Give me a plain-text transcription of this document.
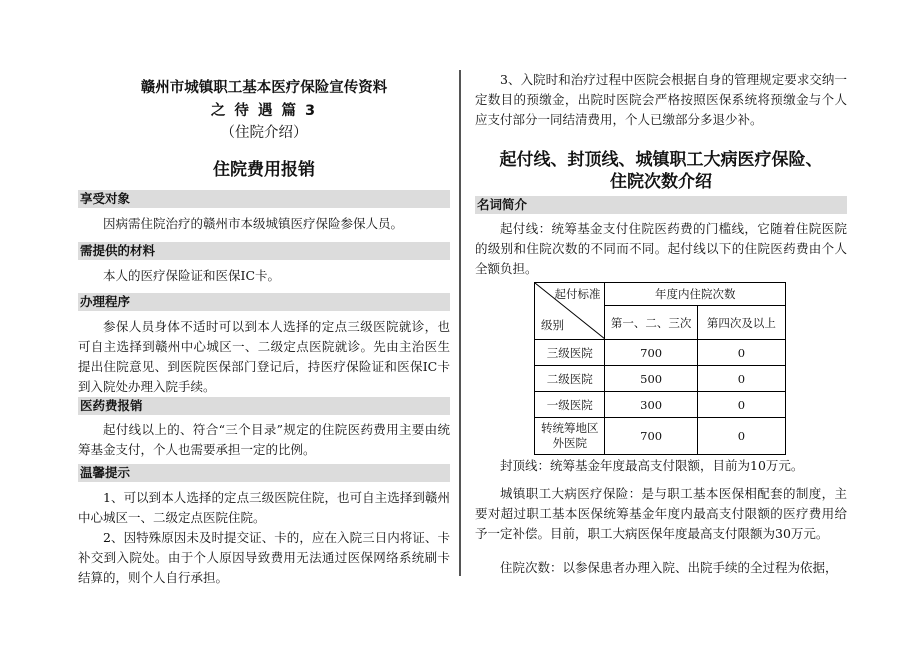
赣州市城镇职工基本医疗保险宣传资料
之 待 遇 篇 3
（住院介绍）
住院费用报销
享受对象
因病需住院治疗的赣州市本级城镇医疗保险参保人员。
需提供的材料
本人的医疗保险证和医保IC卡。
办理程序
参保人员身体不适时可以到本人选择的定点三级医院就诊，也可自主选择到赣州中心城区一、二级定点医院就诊。先由主治医生提出住院意见、到医院医保部门登记后，持医疗保险证和医保IC卡到入院处办理入院手续。
医药费报销
起付线以上的、符合“三个目录”规定的住院医药费用主要由统筹基金支付，个人也需要承担一定的比例。
温馨提示
1、可以到本人选择的定点三级医院住院，也可自主选择到赣州中心城区一、二级定点医院住院。
2、因特殊原因未及时提交证、卡的，应在入院三日内将证、卡补交到入院处。由于个人原因导致费用无法通过医保网络系统刷卡结算的，则个人自行承担。
3、入院时和治疗过程中医院会根据自身的管理规定要求交纳一定数目的预缴金，出院时医院会严格按照医保系统将预缴金与个人应支付部分一同结清费用，个人已缴部分多退少补。
起付线、封顶线、城镇职工大病医疗保险、
住院次数介绍
名词简介
起付线：统筹基金支付住院医药费的门槛线，它随着住院医院的级别和住院次数的不同而不同。起付线以下的住院医药费由个人全额负担。
起付标准
级别	年度内住院次数	
	第一、二、三次	第四次及以上
三级医院	700	0
二级医院	500	0
一级医院	300	0
转统筹地区外医院	700	0
封顶线：统筹基金年度最高支付限额，目前为10万元。
城镇职工大病医疗保险：是与职工基本医保相配套的制度，主要对超过职工基本医保统筹基金年度内最高支付限额的医疗费用给予一定补偿。目前，职工大病医保年度最高支付限额为30万元。
住院次数：以参保患者办理入院、出院手续的全过程为依据，
